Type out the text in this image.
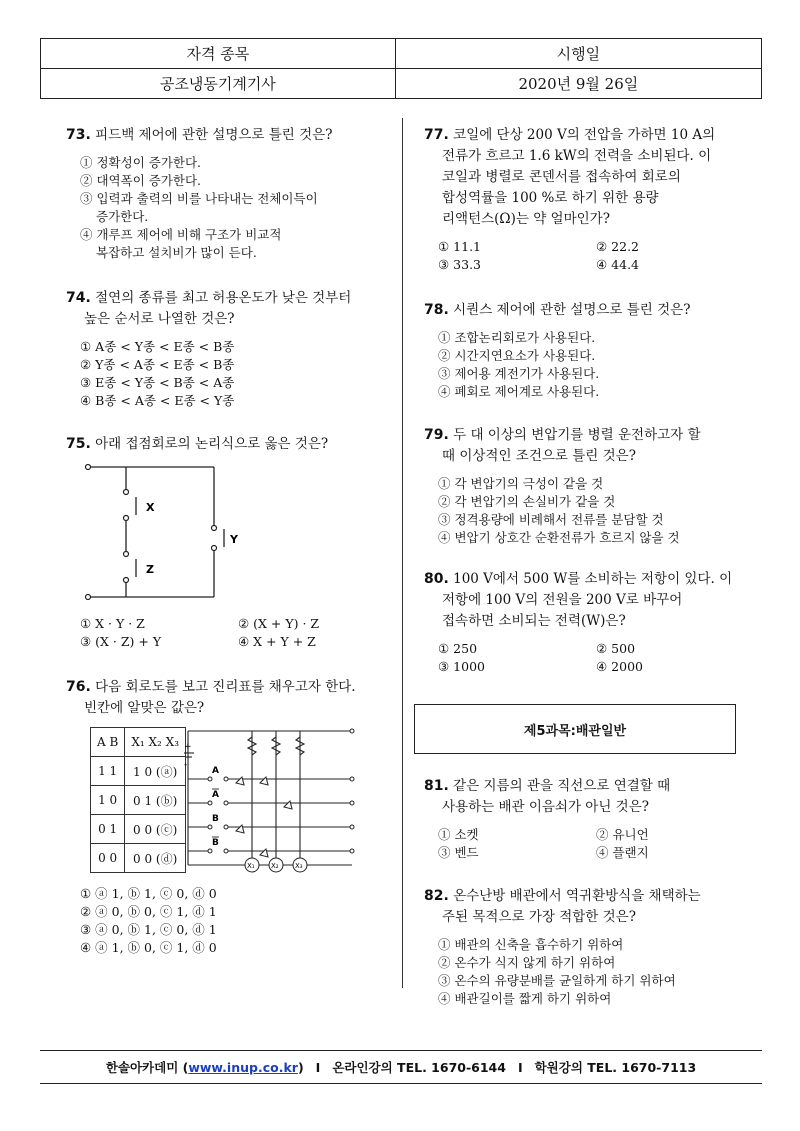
자격 종목	시행일
공조냉동기계기사	2020년 9월 26일

73. 피드백 제어에 관한 설명으로 틀린 것은?

① 정확성이 증가한다.
② 대역폭이 증가한다.
③ 입력과 출력의 비를 나타내는 전체이득이
증가한다.
④ 개루프 제어에 비해 구조가 비교적
복잡하고 설치비가 많이 든다.

74. 절연의 종류를 최고 허용온도가 낮은 것부터

높은 순서로 나열한 것은?

① A종 < Y종 < E종 < B종
② Y종 < A종 < E종 < B종
③ E종 < Y종 < B종 < A종
④ B종 < A종 < E종 < Y종

75. 아래 접점회로의 논리식으로 옳은 것은?

X
Z
Y
① X · Y · Z	② (X + Y) · Z
③ (X · Z) + Y	④ X + Y + Z

76. 다음 회로도를 보고 진리표를 채우고자 한다.

빈칸에 알맞은 값은?

A B	X₁ X₂ X₃
1 1	1 0 (ⓐ)
1 0	0 1 (ⓑ)
0 1	0 0 (ⓒ)
0 0	0 0 (ⓓ)
+
-
A
A
B
B
X₁ X₂ X₃
① ⓐ 1, ⓑ 1, ⓒ 0, ⓓ 0
② ⓐ 0, ⓑ 0, ⓒ 1, ⓓ 1
③ ⓐ 0, ⓑ 1, ⓒ 0, ⓓ 1
④ ⓐ 1, ⓑ 0, ⓒ 1, ⓓ 0

77. 코일에 단상 200 V의 전압을 가하면 10 A의

전류가 흐르고 1.6 kW의 전력을 소비된다. 이
코일과 병렬로 콘덴서를 접속하여 회로의
합성역률을 100 %로 하기 위한 용량
리액턴스(Ω)는 약 얼마인가?

① 11.1	② 22.2
③ 33.3	④ 44.4

78. 시퀀스 제어에 관한 설명으로 틀린 것은?

① 조합논리회로가 사용된다.
② 시간지연요소가 사용된다.
③ 제어용 계전기가 사용된다.
④ 폐회로 제어계로 사용된다.

79. 두 대 이상의 변압기를 병렬 운전하고자 할

때 이상적인 조건으로 틀린 것은?

① 각 변압기의 극성이 같을 것
② 각 변압기의 손실비가 같을 것
③ 정격용량에 비례해서 전류를 분담할 것
④ 변압기 상호간 순환전류가 흐르지 않을 것

80. 100 V에서 500 W를 소비하는 저항이 있다. 이

저항에 100 V의 전원을 200 V로 바꾸어
접속하면 소비되는 전력(W)은?

① 250	② 500
③ 1000	④ 2000
제5과목:배관일반

81. 같은 지름의 관을 직선으로 연결할 때

사용하는 배관 이음쇠가 아닌 것은?

① 소켓	② 유니언
③ 벤드	④ 플랜지

82. 온수난방 배관에서 역귀환방식을 채택하는

주된 목적으로 가장 적합한 것은?

① 배관의 신축을 흡수하기 위하여
② 온수가 식지 않게 하기 위하여
③ 온수의 유량분배를 균일하게 하기 위하여
④ 배관길이를 짧게 하기 위하여
한솔아카데미 ( www.inup.co.kr ) I 온라인강의 TEL. 1670-6144 I 학원강의 TEL. 1670-7113
